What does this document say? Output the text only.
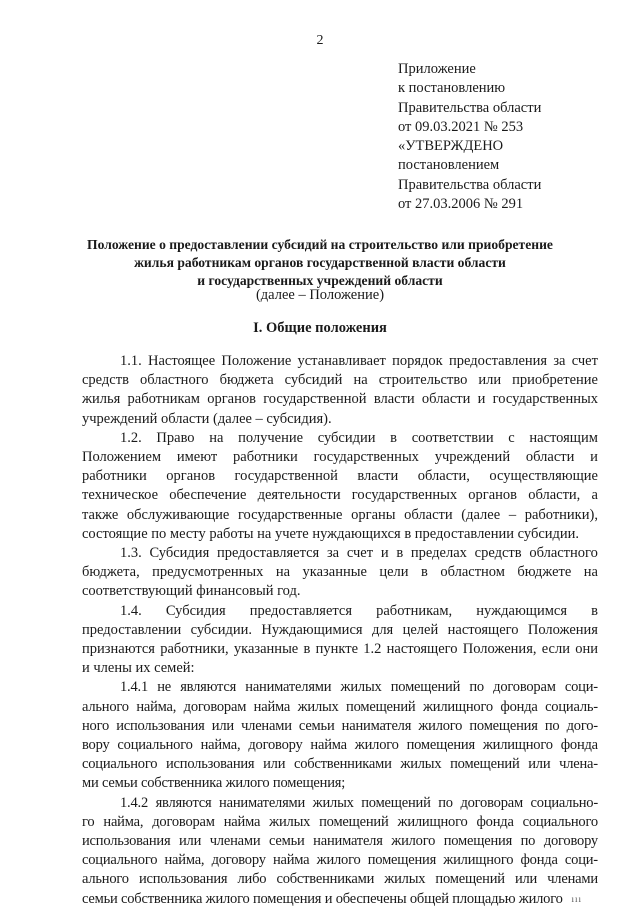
2
Приложение
к постановлению
Правительства области
от 09.03.2021 № 253
«УТВЕРЖДЕНО
постановлением
Правительства области
от 27.03.2006 № 291
Положение о предоставлении субсидий на строительство или приобретение
жилья работникам органов государственной власти области
и государственных учреждений области
(далее – Положение)
I. Общие положения
1.1. Настоящее Положение устанавливает порядок предоставления за счет
средств областного бюджета субсидий на строительство или приобретение
жилья работникам органов государственной власти области и государственных
учреждений области (далее – субсидия).
1.2. Право на получение субсидии в соответствии с настоящим
Положением имеют работники государственных учреждений области и
работники органов государственной власти области, осуществляющие
техническое обеспечение деятельности государственных органов области, а
также обслуживающие государственные органы области (далее – работники),
состоящие по месту работы на учете нуждающихся в предоставлении субсидии.
1.3. Субсидия предоставляется за счет и в пределах средств областного
бюджета, предусмотренных на указанные цели в областном бюджете на
соответствующий финансовый год.
1.4. Субсидия предоставляется работникам, нуждающимся в
предоставлении субсидии. Нуждающимися для целей настоящего Положения
признаются работники, указанные в пункте 1.2 настоящего Положения, если они
и члены их семей:
1.4.1 не являются нанимателями жилых помещений по договорам соци-
ального найма, договорам найма жилых помещений жилищного фонда социаль-
ного использования или членами семьи нанимателя жилого помещения по дого-
вору социального найма, договору найма жилого помещения жилищного фонда
социального использования или собственниками жилых помещений или члена-
ми семьи собственника жилого помещения;
1.4.2 являются нанимателями жилых помещений по договорам социально-
го найма, договорам найма жилых помещений жилищного фонда социального
использования или членами семьи нанимателя жилого помещения по договору
социального найма, договору найма жилого помещения жилищного фонда соци-
ального использования либо собственниками жилых помещений или членами
семьи собственника жилого помещения и обеспечены общей площадью жилого ııı
